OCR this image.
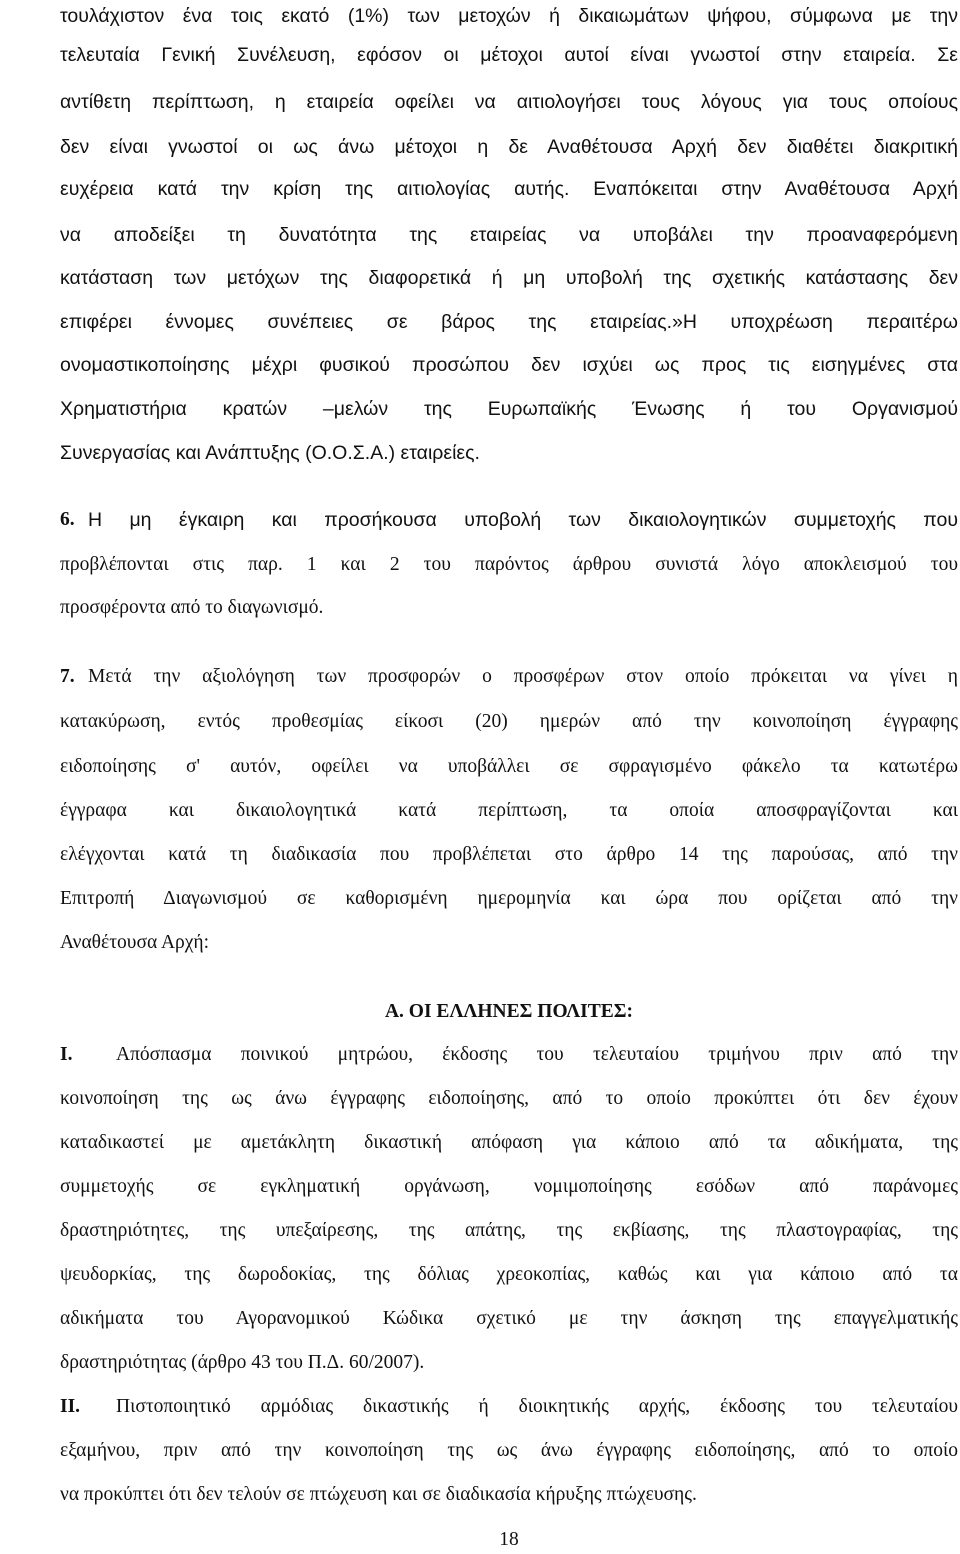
τουλάχιστον ένα τοις εκατό (1%) των μετοχών ή δικαιωμάτων ψήφου, σύμφωνα με την
τελευταία Γενική Συνέλευση, εφόσον οι μέτοχοι αυτοί είναι γνωστοί στην εταιρεία. Σε
αντίθετη περίπτωση, η εταιρεία οφείλει να αιτιολογήσει τους λόγους για τους οποίους
δεν είναι γνωστοί οι ως άνω μέτοχοι η δε Αναθέτουσα Αρχή δεν διαθέτει διακριτική
ευχέρεια κατά την κρίση της αιτιολογίας αυτής. Εναπόκειται στην Αναθέτουσα Αρχή
να αποδείξει τη δυνατότητα της εταιρείας να υποβάλει την προαναφερόμενη
κατάσταση των μετόχων της διαφορετικά ή μη υποβολή της σχετικής κατάστασης δεν
επιφέρει έννομες συνέπειες σε βάρος της εταιρείας.»Η υποχρέωση περαιτέρω
ονομαστικοποίησης μέχρι φυσικού προσώπου δεν ισχύει ως προς τις εισηγμένες στα
Χρηματιστήρια κρατών –μελών της Ευρωπαϊκής Ένωσης ή του Οργανισμού
Συνεργασίας και Ανάπτυξης (Ο.Ο.Σ.Α.) εταιρείες.
6. Η μη έγκαιρη και προσήκουσα υποβολή των δικαιολογητικών συμμετοχής που
προβλέπονται στις παρ. 1 και 2 του παρόντος άρθρου συνιστά λόγο αποκλεισμού του
προσφέροντα από το διαγωνισμό.
7. Μετά την αξιολόγηση των προσφορών ο προσφέρων στον οποίο πρόκειται να γίνει η
κατακύρωση, εντός προθεσμίας είκοσι (20) ημερών από την κοινοποίηση έγγραφης
ειδοποίησης σ' αυτόν, οφείλει να υποβάλλει σε σφραγισμένο φάκελο τα κατωτέρω
έγγραφα και δικαιολογητικά κατά περίπτωση, τα οποία αποσφραγίζονται και
ελέγχονται κατά τη διαδικασία που προβλέπεται στο άρθρο 14 της παρούσας, από την
Επιτροπή Διαγωνισμού σε καθορισμένη ημερομηνία και ώρα που ορίζεται από την
Αναθέτουσα Αρχή:
Α. ΟΙ ΕΛΛΗΝΕΣ ΠΟΛΙΤΕΣ:
Ι. Απόσπασμα ποινικού μητρώου, έκδοσης του τελευταίου τριμήνου πριν από την
κοινοποίηση της ως άνω έγγραφης ειδοποίησης, από το οποίο προκύπτει ότι δεν έχουν
καταδικαστεί με αμετάκλητη δικαστική απόφαση για κάποιο από τα αδικήματα, της
συμμετοχής σε εγκληματική οργάνωση, νομιμοποίησης εσόδων από παράνομες
δραστηριότητες, της υπεξαίρεσης, της απάτης, της εκβίασης, της πλαστογραφίας, της
ψευδορκίας, της δωροδοκίας, της δόλιας χρεοκοπίας, καθώς και για κάποιο από τα
αδικήματα του Αγορανομικού Κώδικα σχετικό με την άσκηση της επαγγελματικής
δραστηριότητας (άρθρο 43 του Π.Δ. 60/2007).
ΙΙ. Πιστοποιητικό αρμόδιας δικαστικής ή διοικητικής αρχής, έκδοσης του τελευταίου
εξαμήνου, πριν από την κοινοποίηση της ως άνω έγγραφης ειδοποίησης, από το οποίο
να προκύπτει ότι δεν τελούν σε πτώχευση και σε διαδικασία κήρυξης πτώχευσης.
18
